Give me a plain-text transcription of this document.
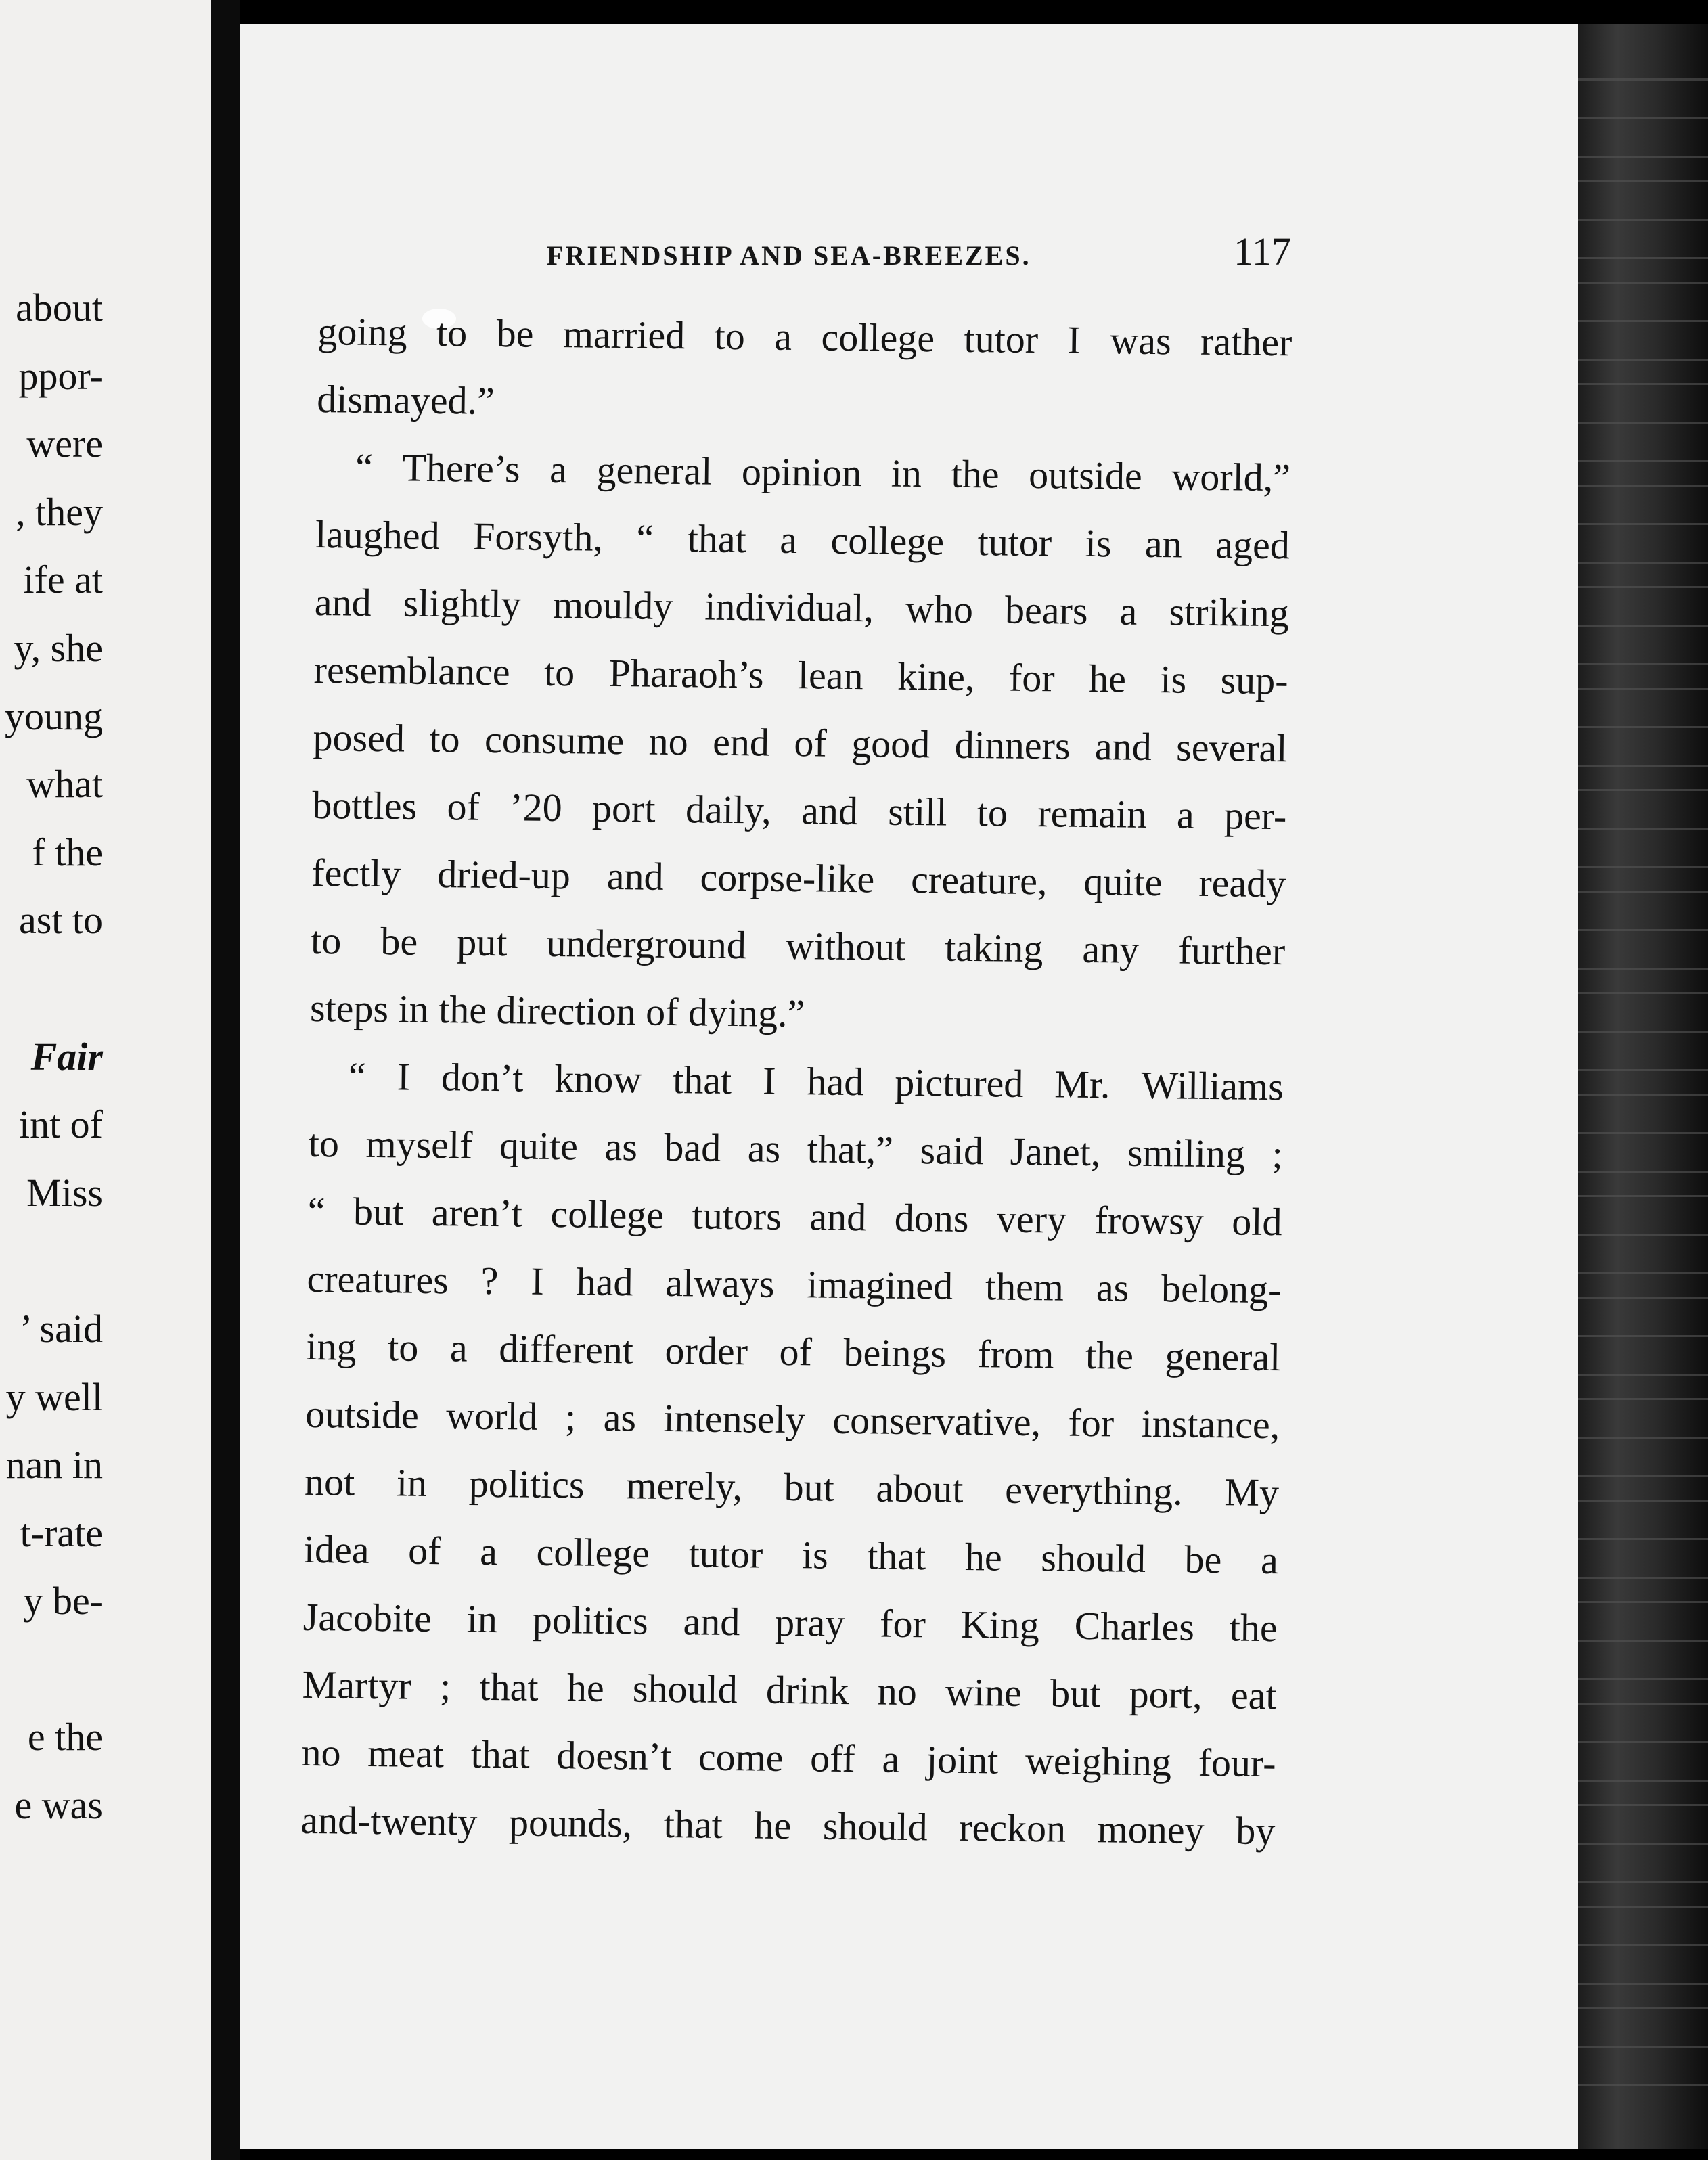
about
ppor-
were
, they
ife at
y, she
young
what
f the
ast to
Fair
int of
Miss
’ said
y well
nan in
t-rate
y be-
e the
e was
FRIENDSHIP AND SEA-BREEZES.	117
going to be married to a college tutor I was rather
dismayed.”
“ There’s a general opinion in the outside world,”
laughed Forsyth, “ that a college tutor is an aged
and slightly mouldy individual, who bears a striking
resemblance to Pharaoh’s lean kine, for he is sup-
posed to consume no end of good dinners and several
bottles of ’20 port daily, and still to remain a per-
fectly dried-up and corpse-like creature, quite ready
to be put underground without taking any further
steps in the direction of dying.”
“ I don’t know that I had pictured Mr. Williams
to myself quite as bad as that,” said Janet, smiling ;
“ but aren’t college tutors and dons very frowsy old
creatures ? I had always imagined them as belong-
ing to a different order of beings from the general
outside world ; as intensely conservative, for instance,
not in politics merely, but about everything. My
idea of a college tutor is that he should be a
Jacobite in politics and pray for King Charles the
Martyr ; that he should drink no wine but port, eat
no meat that doesn’t come off a joint weighing four-
and-twenty pounds, that he should reckon money by
